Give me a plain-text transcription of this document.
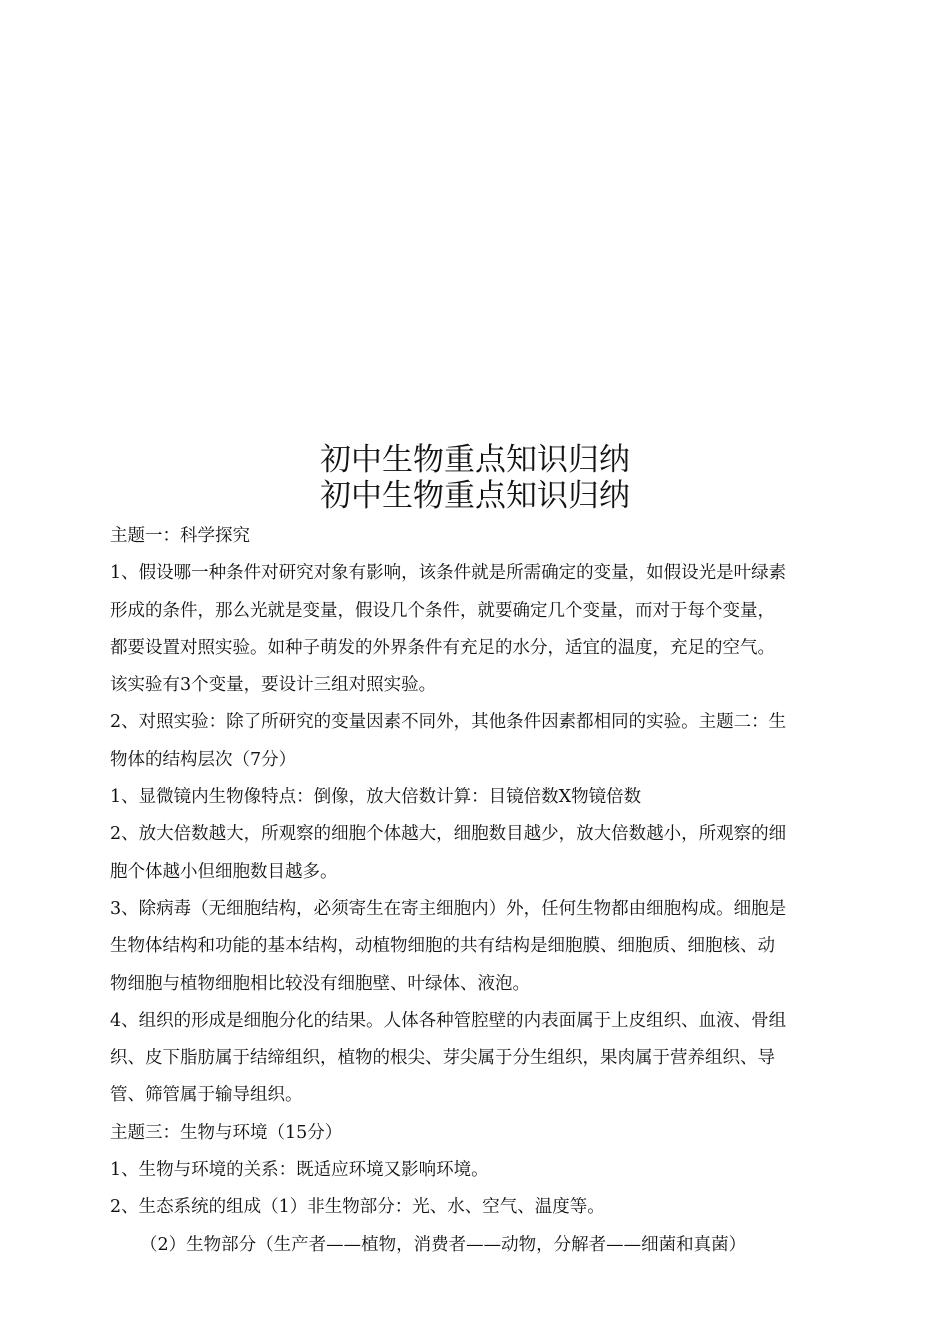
初中生物重点知识归纳
初中生物重点知识归纳

主题一：科学探究

1、假设哪一种条件对研究对象有影响，该条件就是所需确定的变量，如假设光是叶绿素

形成的条件，那么光就是变量，假设几个条件，就要确定几个变量，而对于每个变量，

都要设置对照实验。如种子萌发的外界条件有充足的水分，适宜的温度，充足的空气。

该实验有3个变量，要设计三组对照实验。

2、对照实验：除了所研究的变量因素不同外，其他条件因素都相同的实验。主题二：生

物体的结构层次（7分）

1、显微镜内生物像特点：倒像，放大倍数计算：目镜倍数X物镜倍数

2、放大倍数越大，所观察的细胞个体越大，细胞数目越少，放大倍数越小，所观察的细

胞个体越小但细胞数目越多。

3、除病毒（无细胞结构，必须寄生在寄主细胞内）外，任何生物都由细胞构成。细胞是

生物体结构和功能的基本结构，动植物细胞的共有结构是细胞膜、细胞质、细胞核、动

物细胞与植物细胞相比较没有细胞壁、叶绿体、液泡。

4、组织的形成是细胞分化的结果。人体各种管腔壁的内表面属于上皮组织、血液、骨组

织、皮下脂肪属于结缔组织，植物的根尖、芽尖属于分生组织，果肉属于营养组织、导

管、筛管属于输导组织。

主题三：生物与环境（15分）

1、生物与环境的关系：既适应环境又影响环境。

2、生态系统的组成（1）非生物部分：光、水、空气、温度等。

（2）生物部分（生产者——植物，消费者——动物，分解者——细菌和真菌）
